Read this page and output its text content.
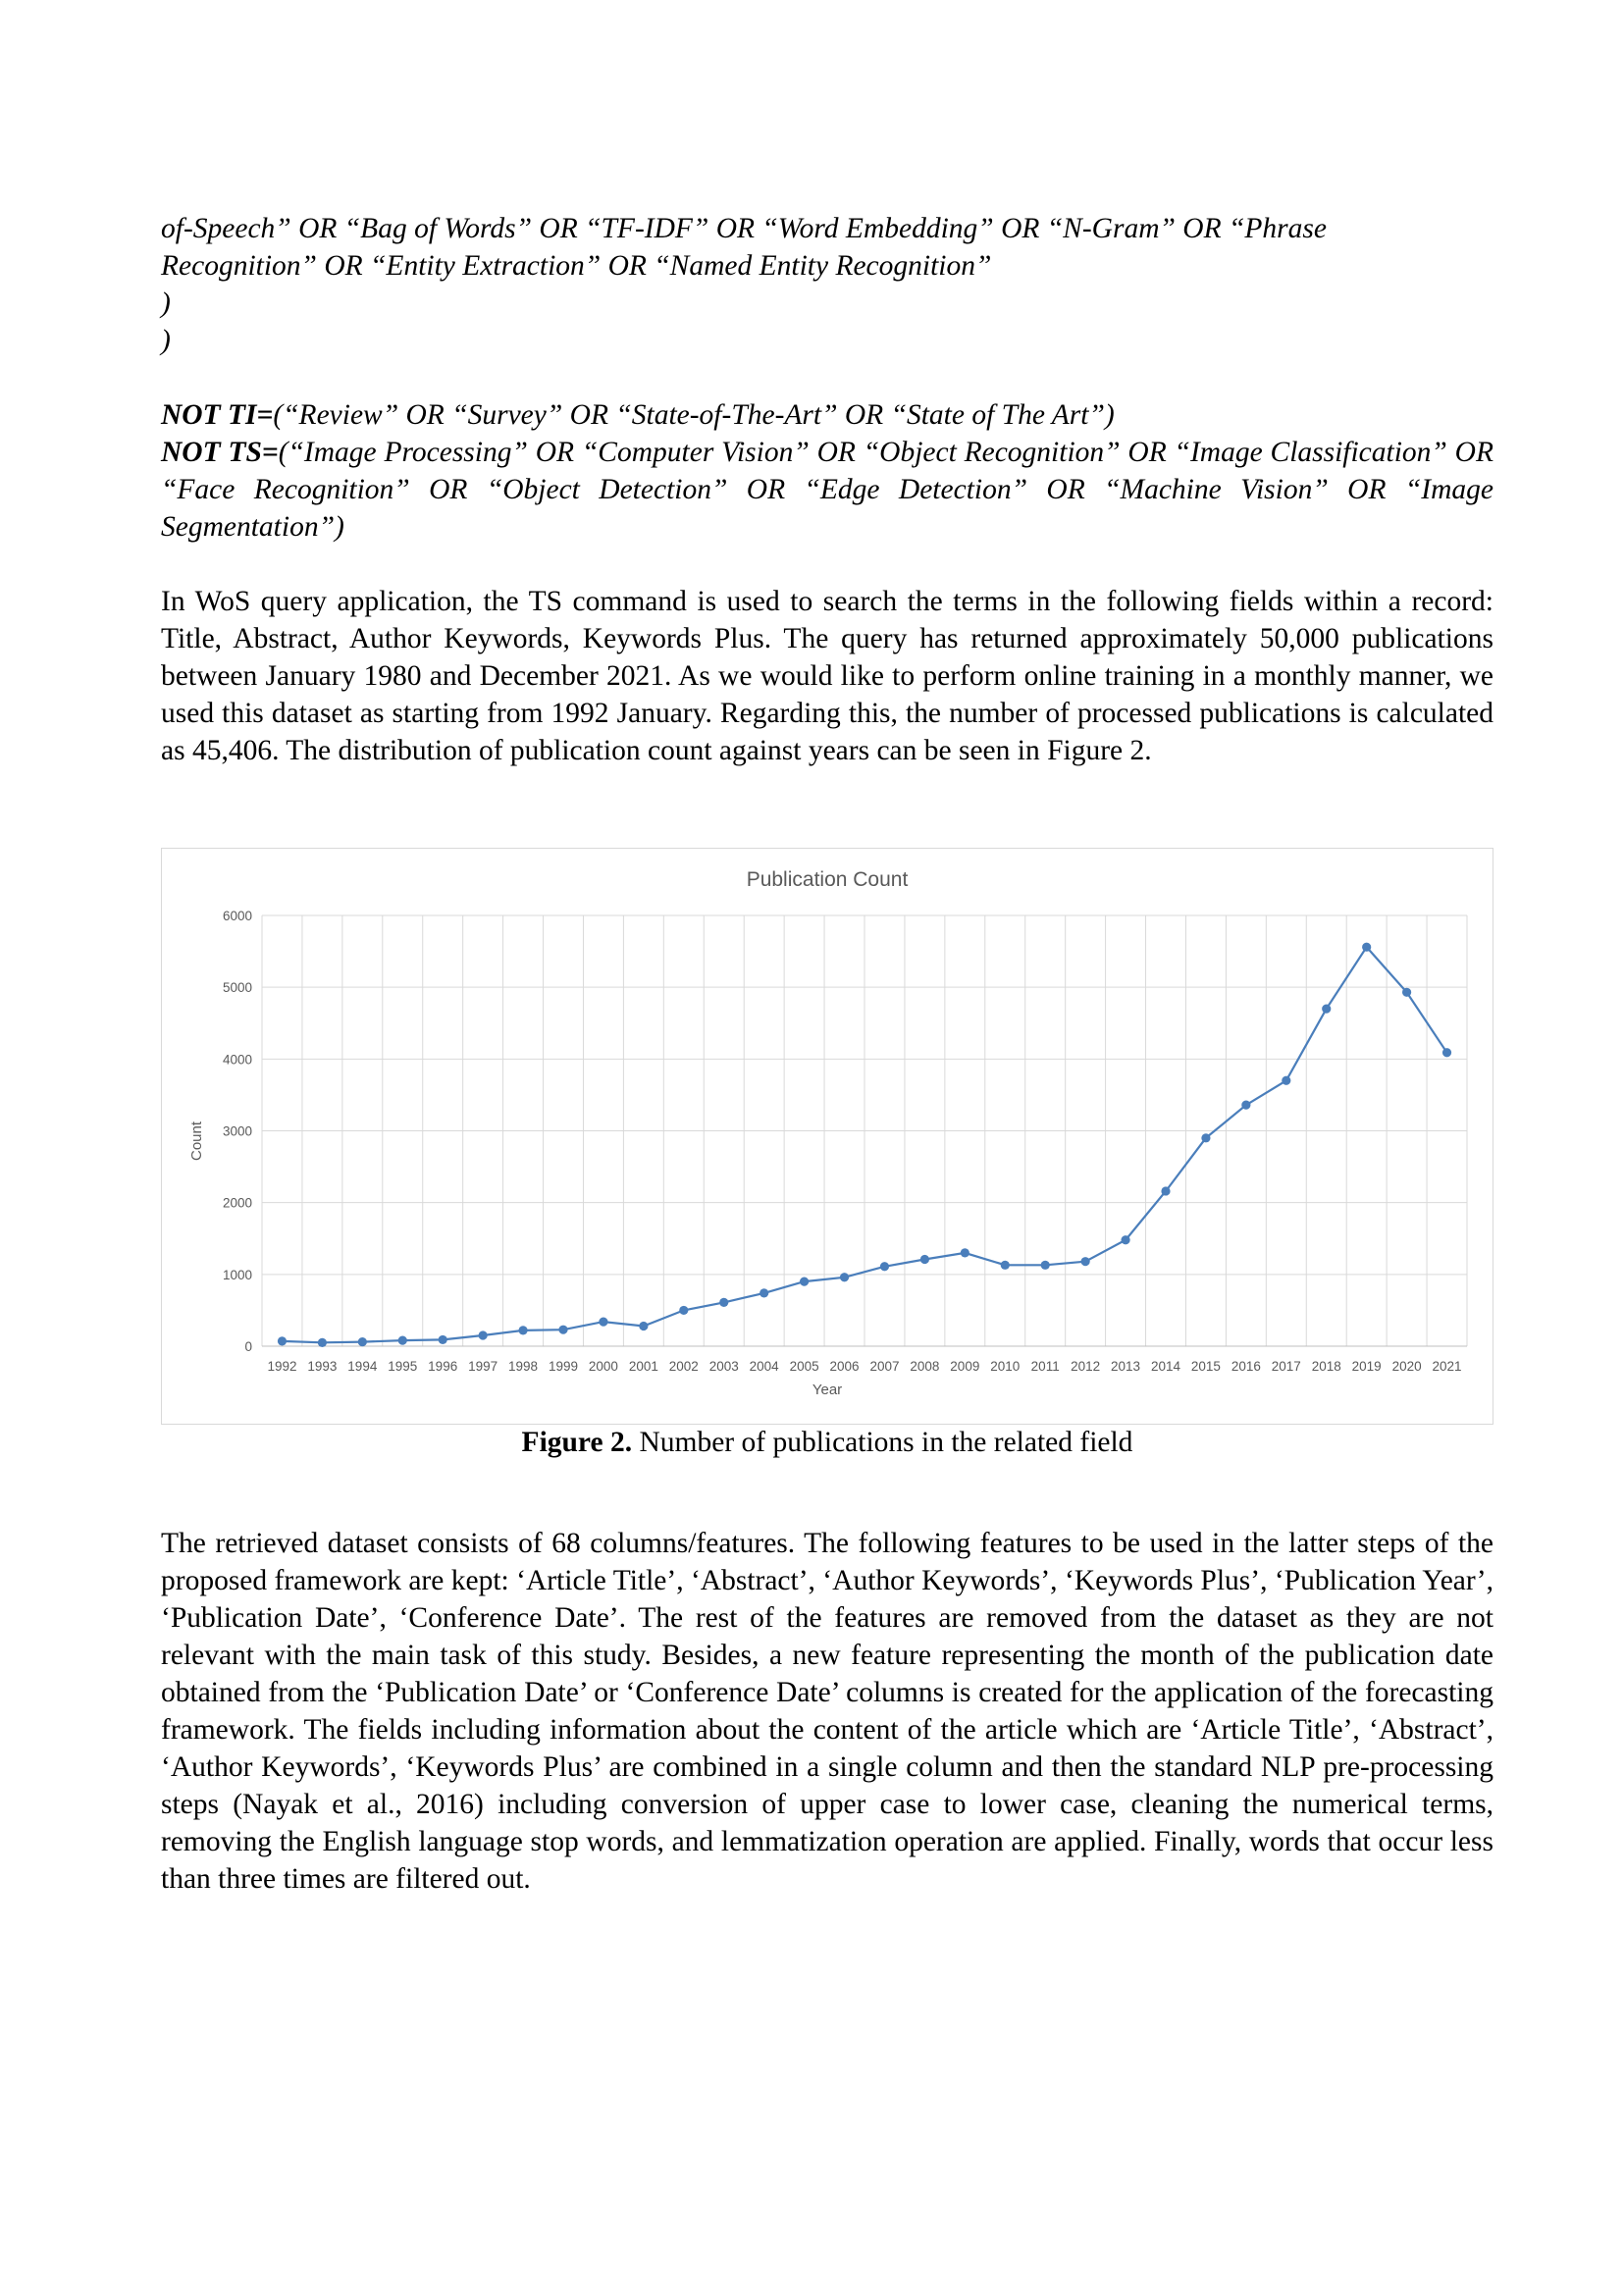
of-Speech” OR “Bag of Words” OR “TF-IDF” OR “Word Embedding” OR “N-Gram” OR “Phrase

Recognition” OR “Entity Extraction” OR “Named Entity Recognition”

)

)

NOT TI=(“Review” OR “Survey” OR “State-of-The-Art” OR “State of The Art”)

NOT TS=(“Image Processing” OR “Computer Vision” OR “Object Recognition” OR “Image Classification” OR “Face Recognition” OR “Object Detection” OR “Edge Detection” OR “Machine Vision” OR “Image Segmentation”)

In WoS query application, the TS command is used to search the terms in the following fields within a record: Title, Abstract, Author Keywords, Keywords Plus. The query has returned approximately 50,000 publications between January 1980 and December 2021. As we would like to perform online training in a monthly manner, we used this dataset as starting from 1992 January. Regarding this, the number of processed publications is calculated as 45,406. The distribution of publication count against years can be seen in Figure 2.

Publication Count
0
1000
2000
3000
4000
5000
6000
1992 1993 1994 1995 1996 1997 1998 1999 2000 2001 2002 2003 2004 2005 2006 2007 2008 2009 2010 2011 2012 2013 2014 2015 2016 2017 2018 2019 2020 2021
Year
Count
Figure 2. Number of publications in the related field

The retrieved dataset consists of 68 columns/features. The following features to be used in the latter steps of the proposed framework are kept: ‘Article Title’, ‘Abstract’, ‘Author Keywords’, ‘Keywords Plus’, ‘Publication Year’, ‘Publication Date’, ‘Conference Date’. The rest of the features are removed from the dataset as they are not relevant with the main task of this study. Besides, a new feature representing the month of the publication date obtained from the ‘Publication Date’ or ‘Conference Date’ columns is created for the application of the forecasting framework. The fields including information about the content of the article which are ‘Article Title’, ‘Abstract’, ‘Author Keywords’, ‘Keywords Plus’ are combined in a single column and then the standard NLP pre-processing steps (Nayak et al., 2016) including conversion of upper case to lower case, cleaning the numerical terms, removing the English language stop words, and lemmatization operation are applied. Finally, words that occur less than three times are filtered out.
